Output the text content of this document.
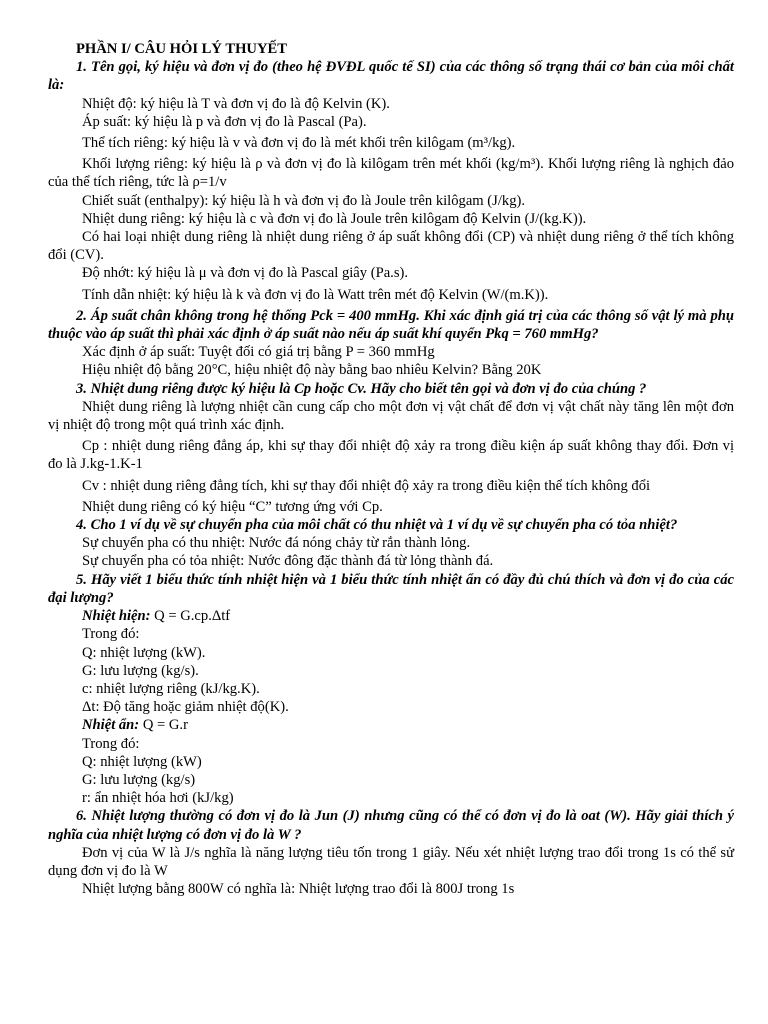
PHẦN I/ CÂU HỎI LÝ THUYẾT
1. Tên gọi, ký hiệu và đơn vị đo (theo hệ ĐVĐL quốc tế SI) của các thông số trạng thái cơ bản của môi chất là:
Nhiệt độ: ký hiệu là T và đơn vị đo là độ Kelvin (K).
Áp suất: ký hiệu là p và đơn vị đo là Pascal (Pa).
Thể tích riêng: ký hiệu là v và đơn vị đo là mét khối trên kilôgam (m³/kg).
Khối lượng riêng: ký hiệu là ρ và đơn vị đo là kilôgam trên mét khối (kg/m³). Khối lượng riêng là nghịch đảo của thể tích riêng, tức là ρ=1/v
Chiết suất (enthalpy): ký hiệu là h và đơn vị đo là Joule trên kilôgam (J/kg).
Nhiệt dung riêng: ký hiệu là c và đơn vị đo là Joule trên kilôgam độ Kelvin (J/(kg.K)).
Có hai loại nhiệt dung riêng là nhiệt dung riêng ở áp suất không đổi (CP) và nhiệt dung riêng ở thể tích không đổi (CV).
Độ nhớt: ký hiệu là μ và đơn vị đo là Pascal giây (Pa.s).
Tính dẫn nhiệt: ký hiệu là k và đơn vị đo là Watt trên mét độ Kelvin (W/(m.K)).
2. Áp suất chân không trong hệ thống Pck = 400 mmHg. Khi xác định giá trị của các thông số vật lý mà phụ thuộc vào áp suất thì phải xác định ở áp suất nào nếu áp suất khí quyển Pkq = 760 mmHg?
Xác định ở áp suất: Tuyệt đối có giá trị bằng P = 360 mmHg
Hiệu nhiệt độ bằng 20°C, hiệu nhiệt độ này bằng bao nhiêu Kelvin? Bằng 20K
3. Nhiệt dung riêng được ký hiệu là Cp hoặc Cv. Hãy cho biết tên gọi và đơn vị đo của chúng ?
Nhiệt dung riêng là lượng nhiệt cần cung cấp cho một đơn vị vật chất để đơn vị vật chất này tăng lên một đơn vị nhiệt độ trong một quá trình xác định.
Cp : nhiệt dung riêng đẳng áp, khi sự thay đổi nhiệt độ xảy ra trong điều kiện áp suất không thay đổi. Đơn vị đo là J.kg-1.K-1
Cv : nhiệt dung riêng đẳng tích, khi sự thay đổi nhiệt độ xảy ra trong điều kiện thể tích không đổi
Nhiệt dung riêng có ký hiệu “C” tương ứng với Cp.
4. Cho 1 ví dụ về sự chuyển pha của môi chất có thu nhiệt và 1 ví dụ về sự chuyển pha có tỏa nhiệt?
Sự chuyển pha có thu nhiệt: Nước đá nóng chảy từ rắn thành lỏng.
Sự chuyển pha có tỏa nhiệt: Nước đông đặc thành đá từ lỏng thành đá.
5. Hãy viết 1 biểu thức tính nhiệt hiện và 1 biểu thức tính nhiệt ẩn có đầy đủ chú thích và đơn vị đo của các đại lượng?
Nhiệt hiện: Q = G.cp.Δtf
Trong đó:
Q: nhiệt lượng (kW).
G: lưu lượng (kg/s).
c: nhiệt lượng riêng (kJ/kg.K).
Δt: Độ tăng hoặc giảm nhiệt độ(K).
Nhiệt ẩn: Q = G.r
Trong đó:
Q: nhiệt lượng (kW)
G: lưu lượng (kg/s)
r: ẩn nhiệt hóa hơi (kJ/kg)
6. Nhiệt lượng thường có đơn vị đo là Jun (J) nhưng cũng có thể có đơn vị đo là oat (W). Hãy giải thích ý nghĩa của nhiệt lượng có đơn vị đo là W ?
Đơn vị của W là J/s nghĩa là năng lượng tiêu tốn trong 1 giây. Nếu xét nhiệt lượng trao đổi trong 1s có thể sử dụng đơn vị đo là W
Nhiệt lượng bằng 800W có nghĩa là: Nhiệt lượng trao đổi là 800J trong 1s
